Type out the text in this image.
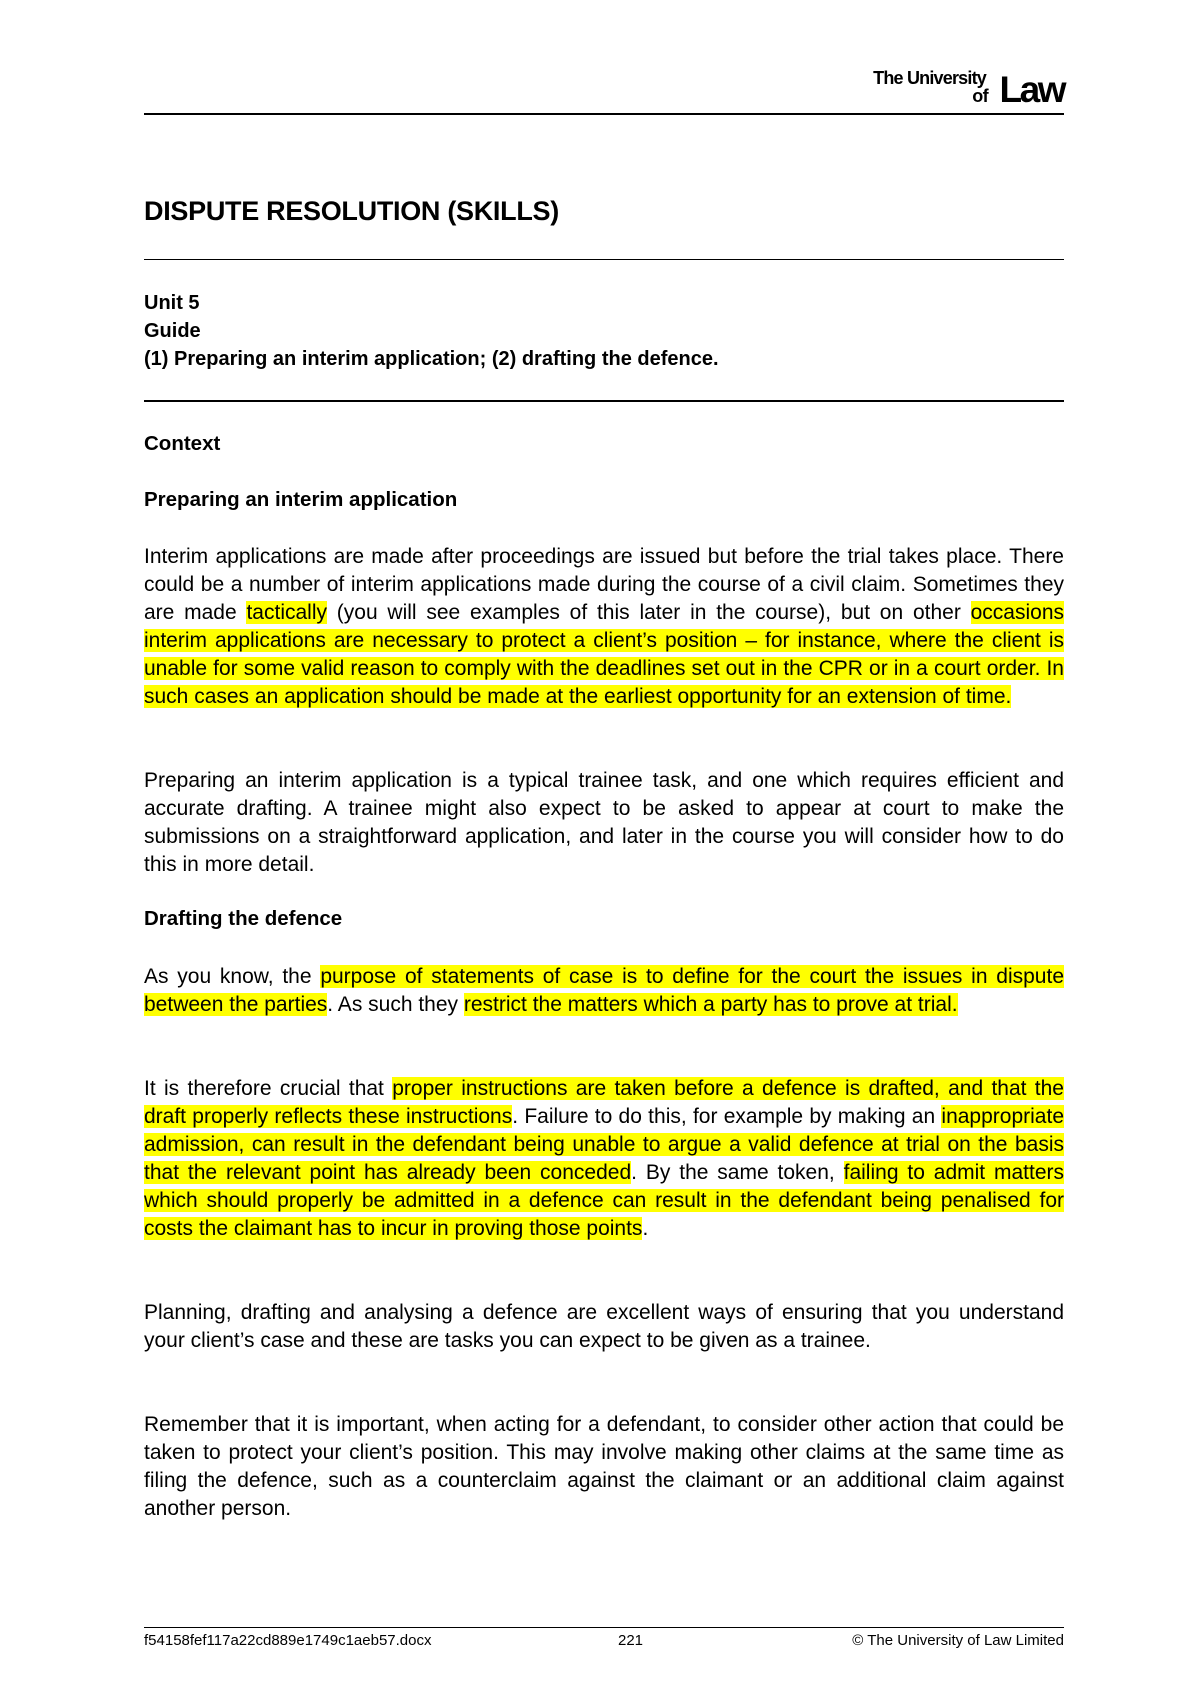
The University
of Law
DISPUTE RESOLUTION (SKILLS)
Unit 5
Guide
(1) Preparing an interim application; (2) drafting the defence.
Context
Preparing an interim application

Interim applications are made after proceedings are issued but before the trial takes place. There could be a number of interim applications made during the course of a civil claim. Sometimes they are made tactically (you will see examples of this later in the course), but on other occasions interim applications are necessary to protect a client’s position – for instance, where the client is unable for some valid reason to comply with the deadlines set out in the CPR or in a court order. In such cases an application should be made at the earliest opportunity for an extension of time.

Preparing an interim application is a typical trainee task, and one which requires efficient and accurate drafting. A trainee might also expect to be asked to appear at court to make the submissions on a straightforward application, and later in the course you will consider how to do this in more detail.

Drafting the defence

As you know, the purpose of statements of case is to define for the court the issues in dispute between the parties. As such they restrict the matters which a party has to prove at trial.

It is therefore crucial that proper instructions are taken before a defence is drafted, and that the draft properly reflects these instructions. Failure to do this, for example by making an inappropriate admission, can result in the defendant being unable to argue a valid defence at trial on the basis that the relevant point has already been conceded. By the same token, failing to admit matters which should properly be admitted in a defence can result in the defendant being penalised for costs the claimant has to incur in proving those points.

Planning, drafting and analysing a defence are excellent ways of ensuring that you understand your client’s case and these are tasks you can expect to be given as a trainee.

Remember that it is important, when acting for a defendant, to consider other action that could be taken to protect your client’s position. This may involve making other claims at the same time as filing the defence, such as a counterclaim against the claimant or an additional claim against another person.

f54158fef117a22cd889e1749c1aeb57.docx	221	© The University of Law Limited
